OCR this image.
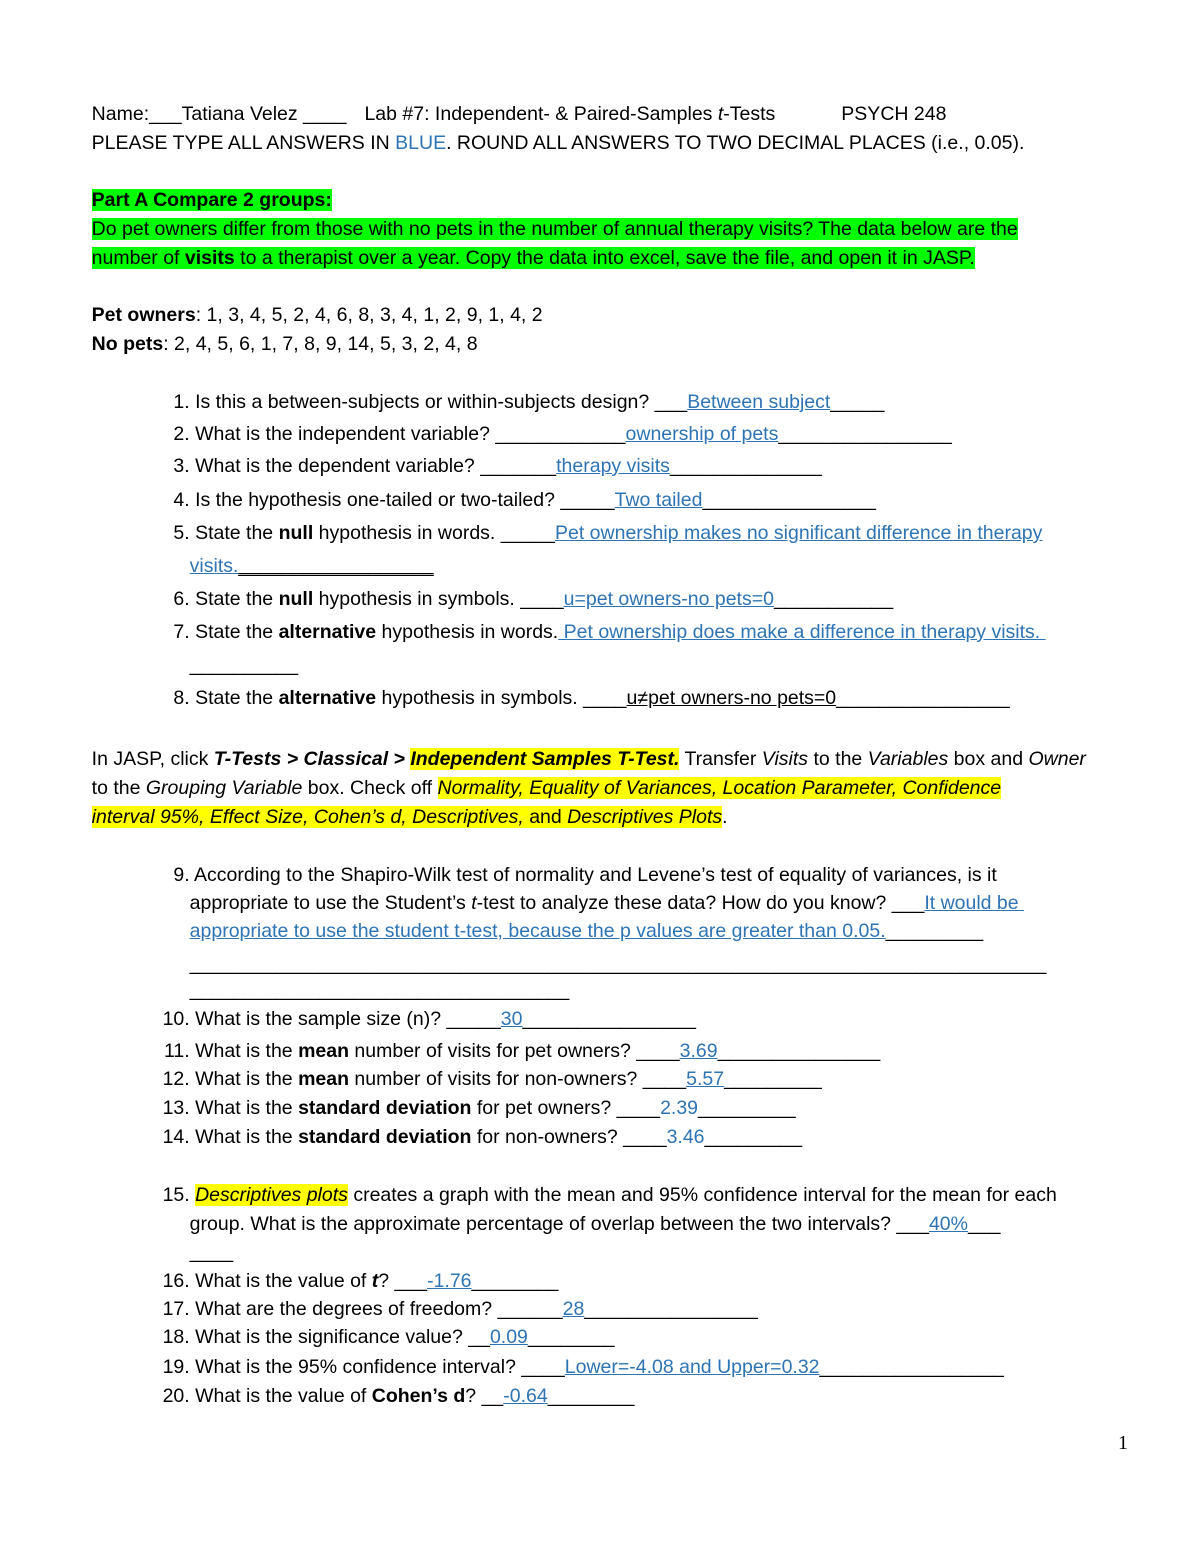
Name:___Tatiana Velez ____ Lab #7: Independent- & Paired-Samples t-Tests	PSYCH 248

PLEASE TYPE ALL ANSWERS IN BLUE. ROUND ALL ANSWERS TO TWO DECIMAL PLACES (i.e., 0.05).

Part A Compare 2 groups:

Do pet owners differ from those with no pets in the number of annual therapy visits? The data below are the

number of visits to a therapist over a year. Copy the data into excel, save the file, and open it in JASP.

Pet owners: 1, 3, 4, 5, 2, 4, 6, 8, 3, 4, 1, 2, 9, 1, 4, 2

No pets: 2, 4, 5, 6, 1, 7, 8, 9, 14, 5, 3, 2, 4, 8

1. Is this a between-subjects or within-subjects design? ___Between subject_____

2. What is the independent variable? ____________ownership of pets________________

3. What is the dependent variable? _______therapy visits______________

4. Is the hypothesis one-tailed or two-tailed? _____Two tailed________________

5. State the null hypothesis in words. _____Pet ownership makes no significant difference in therapy

visits.__________________

6. State the null hypothesis in symbols. ____u=pet owners-no pets=0___________

7. State the alternative hypothesis in words. Pet ownership does make a difference in therapy visits.

__________

8. State the alternative hypothesis in symbols. ____u≠pet owners-no pets=0________________

In JASP, click T-Tests > Classical > Independent Samples T-Test. Transfer Visits to the Variables box and Owner

to the Grouping Variable box. Check off Normality, Equality of Variances, Location Parameter, Confidence

interval 95%, Effect Size, Cohen’s d, Descriptives, and Descriptives Plots.

9. According to the Shapiro-Wilk test of normality and Levene’s test of equality of variances, is it

appropriate to use the Student’s t-test to analyze these data? How do you know? ___It would be

appropriate to use the student t-test, because the p values are greater than 0.05._________

_______________________________________________________________________________

___________________________________

10. What is the sample size (n)? _____30________________

11. What is the mean number of visits for pet owners? ____3.69_______________

12. What is the mean number of visits for non-owners? ____5.57_________

13. What is the standard deviation for pet owners? ____2.39_________

14. What is the standard deviation for non-owners? ____3.46_________

15. Descriptives plots creates a graph with the mean and 95% confidence interval for the mean for each

group. What is the approximate percentage of overlap between the two intervals? ___40%___

____

16. What is the value of t? ___-1.76________

17. What are the degrees of freedom? ______28________________

18. What is the significance value? __0.09________

19. What is the 95% confidence interval? ____Lower=-4.08 and Upper=0.32_________________

20. What is the value of Cohen’s d? __-0.64________

1
